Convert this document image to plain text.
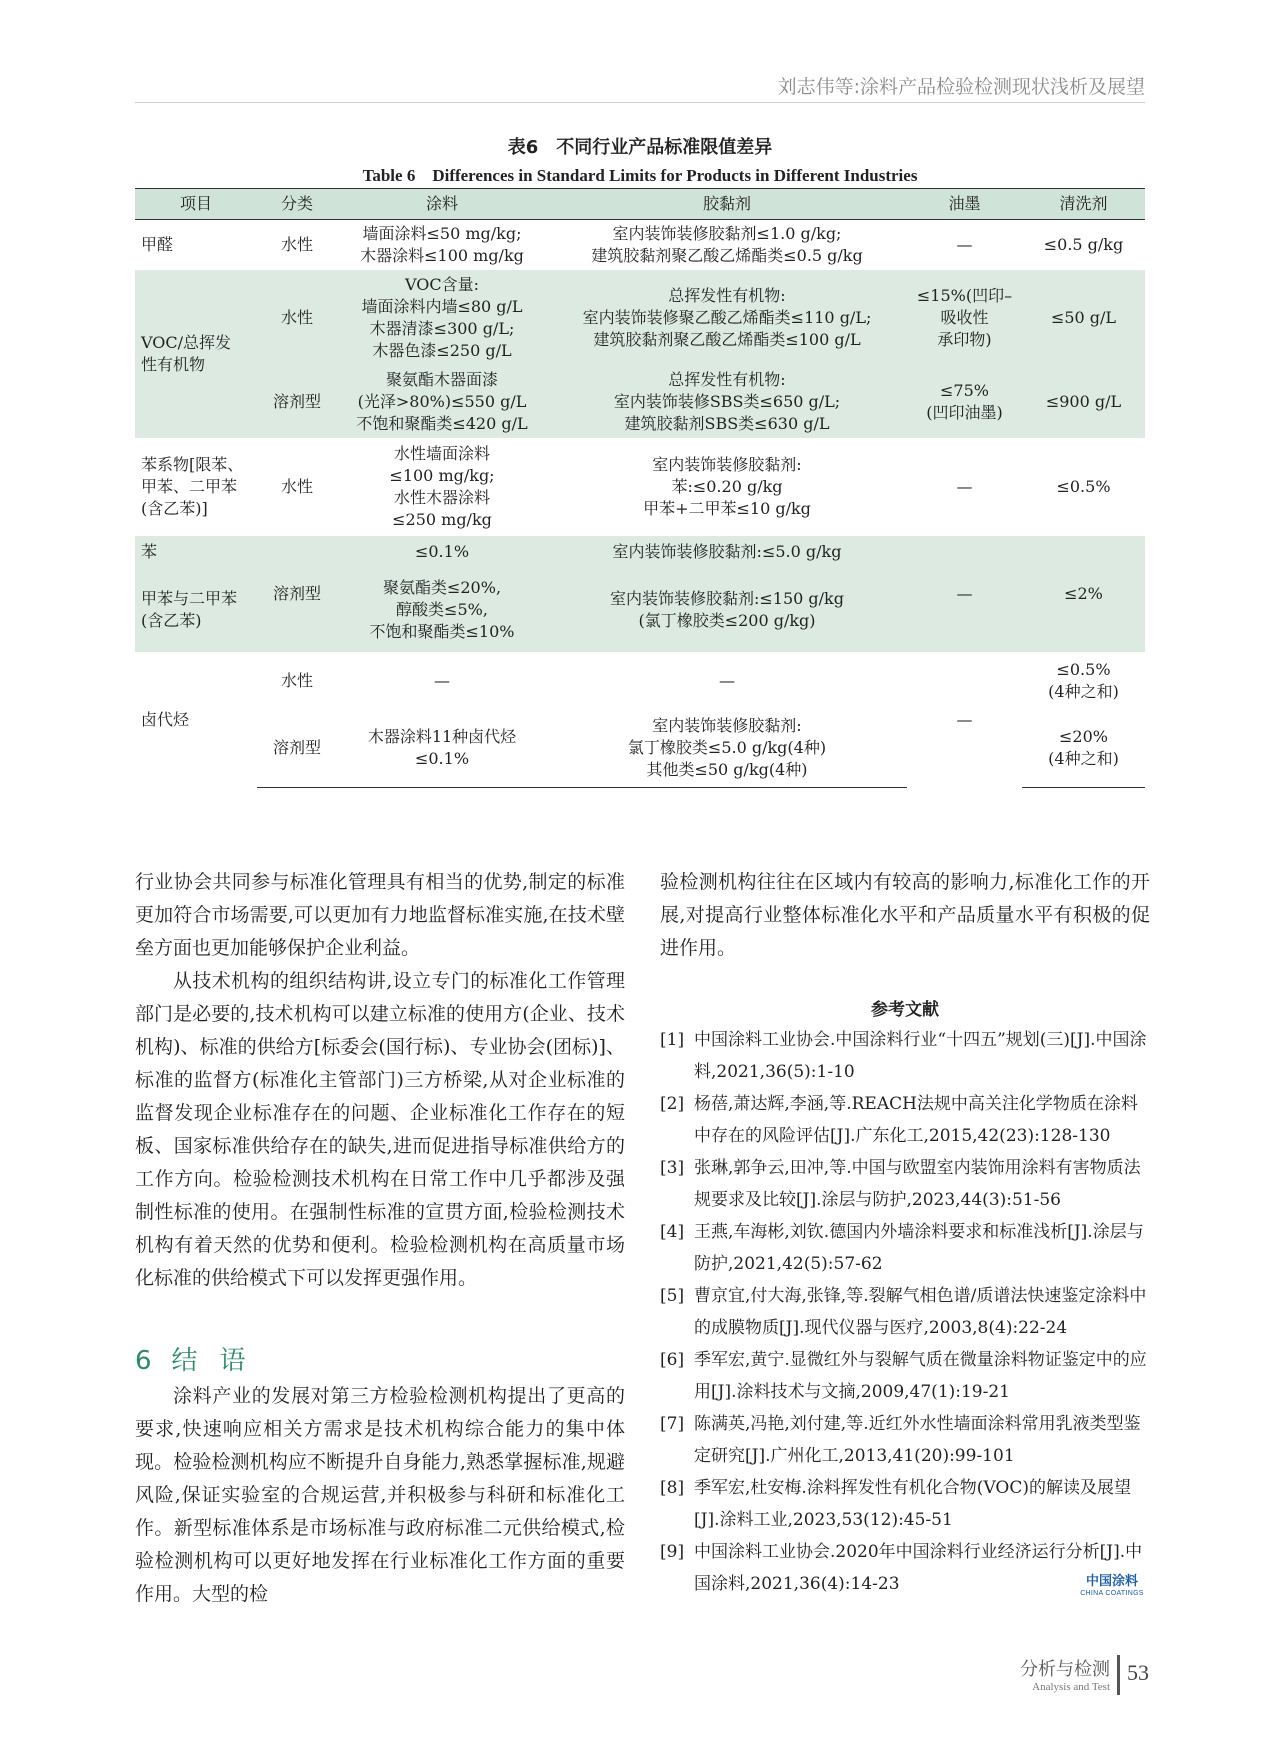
刘志伟等:涂料产品检验检测现状浅析及展望
表6　不同行业产品标准限值差异
Table 6　Differences in Standard Limits for Products in Different Industries
项目	分类	涂料	胶黏剂	油墨	清洗剂
甲醛	水性	墙面涂料≤50 mg/kg;
木器涂料≤100 mg/kg	室内装饰装修胶黏剂≤1.0 g/kg;
建筑胶黏剂聚乙酸乙烯酯类≤0.5 g/kg	—	≤0.5 g/kg
VOC/总挥发
性有机物	水性	VOC含量:
墙面涂料内墙≤80 g/L
木器清漆≤300 g/L;
木器色漆≤250 g/L	总挥发性有机物:
室内装饰装修聚乙酸乙烯酯类≤110 g/L;
建筑胶黏剂聚乙酸乙烯酯类≤100 g/L	≤15%(凹印–
吸收性
承印物)	≤50 g/L
	溶剂型	聚氨酯木器面漆
(光泽>80%)≤550 g/L
不饱和聚酯类≤420 g/L	总挥发性有机物:
室内装饰装修SBS类≤650 g/L;
建筑胶黏剂SBS类≤630 g/L	≤75%
(凹印油墨)	≤900 g/L
苯系物[限苯、
甲苯、二甲苯
(含乙苯)]	水性	水性墙面涂料
≤100 mg/kg;
水性木器涂料
≤250 mg/kg	室内装饰装修胶黏剂:
苯:≤0.20 g/kg
甲苯+二甲苯≤10 g/kg	—	≤0.5%
苯	溶剂型	≤0.1%	室内装饰装修胶黏剂:≤5.0 g/kg	—	≤2%
甲苯与二甲苯
(含乙苯)		聚氨酯类≤20%,
醇酸类≤5%,
不饱和聚酯类≤10%	室内装饰装修胶黏剂:≤150 g/kg
(氯丁橡胶类≤200 g/kg)		
卤代烃	水性	—	—	—	≤0.5%
(4种之和)
	溶剂型	木器涂料11种卤代烃
≤0.1%	室内装饰装修胶黏剂:
氯丁橡胶类≤5.0 g/kg(4种)
其他类≤50 g/kg(4种)		≤20%
(4种之和)

行业协会共同参与标准化管理具有相当的优势,制定的标准更加符合市场需要,可以更加有力地监督标准实施,在技术壁垒方面也更加能够保护企业利益。

从技术机构的组织结构讲,设立专门的标准化工作管理部门是必要的,技术机构可以建立标准的使用方(企业、技术机构)、标准的供给方[标委会(国行标)、专业协会(团标)]、标准的监督方(标准化主管部门)三方桥梁,从对企业标准的监督发现企业标准存在的问题、企业标准化工作存在的短板、国家标准供给存在的缺失,进而促进指导标准供给方的工作方向。检验检测技术机构在日常工作中几乎都涉及强制性标准的使用。在强制性标准的宣贯方面,检验检测技术机构有着天然的优势和便利。检验检测机构在高质量市场化标准的供给模式下可以发挥更强作用。

6 结语

涂料产业的发展对第三方检验检测机构提出了更高的要求,快速响应相关方需求是技术机构综合能力的集中体现。检验检测机构应不断提升自身能力,熟悉掌握标准,规避风险,保证实验室的合规运营,并积极参与科研和标准化工作。新型标准体系是市场标准与政府标准二元供给模式,检验检测机构可以更好地发挥在行业标准化工作方面的重要作用。大型的检

验检测机构往往在区域内有较高的影响力,标准化工作的开展,对提高行业整体标准化水平和产品质量水平有积极的促进作用。

参考文献
[1] 中国涂料工业协会.中国涂料行业“十四五”规划(三)[J].中国涂料,2021,36(5):1-10
[2] 杨蓓,萧达辉,李涵,等.REACH法规中高关注化学物质在涂料中存在的风险评估[J].广东化工,2015,42(23):128-130
[3] 张琳,郭争云,田冲,等.中国与欧盟室内装饰用涂料有害物质法规要求及比较[J].涂层与防护,2023,44(3):51-56
[4] 王燕,车海彬,刘钦.德国内外墙涂料要求和标准浅析[J].涂层与防护,2021,42(5):57-62
[5] 曹京宜,付大海,张锋,等.裂解气相色谱/质谱法快速鉴定涂料中的成膜物质[J].现代仪器与医疗,2003,8(4):22-24
[6] 季军宏,黄宁.显微红外与裂解气质在微量涂料物证鉴定中的应用[J].涂料技术与文摘,2009,47(1):19-21
[7] 陈满英,冯艳,刘付建,等.近红外水性墙面涂料常用乳液类型鉴定研究[J].广州化工,2013,41(20):99-101
[8] 季军宏,杜安梅.涂料挥发性有机化合物(VOC)的解读及展望[J].涂料工业,2023,53(12):45-51
[9] 中国涂料工业协会.2020年中国涂料行业经济运行分析[J].中国涂料,2021,36(4):14-23	中国涂料
CHINA COATINGS
分析与检测
Analysis and Test
53
